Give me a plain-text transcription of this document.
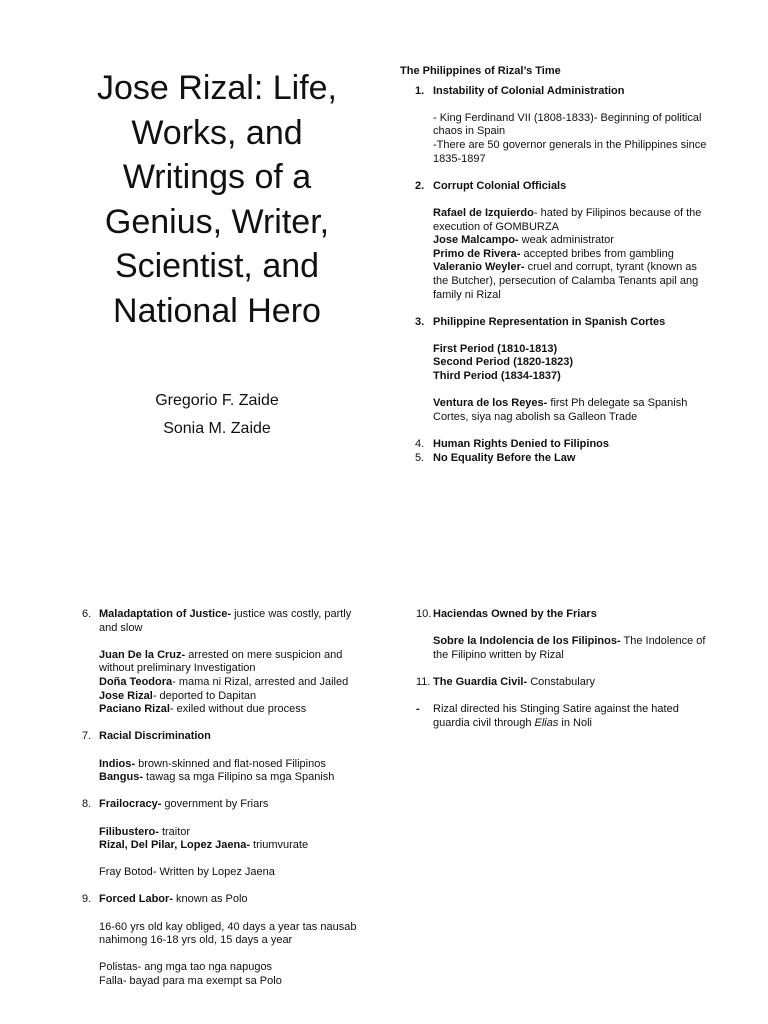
Jose Rizal: Life, Works, and Writings of a Genius, Writer, Scientist, and National Hero
Gregorio F. Zaide
Sonia M. Zaide
The Philippines of Rizal’s Time
1. Instability of Colonial Administration

- King Ferdinand VII (1808-1833)- Beginning of political chaos in Spain

-There are 50 governor generals in the Philippines since 1835-1897

2. Corrupt Colonial Officials

Rafael de Izquierdo- hated by Filipinos because of the execution of GOMBURZA

Jose Malcampo- weak administrator

Primo de Rivera- accepted bribes from gambling

Valeranio Weyler- cruel and corrupt, tyrant (known as the Butcher), persecution of Calamba Tenants apil ang family ni Rizal

3. Philippine Representation in Spanish Cortes

First Period (1810-1813)

Second Period (1820-1823)

Third Period (1834-1837)

Ventura de los Reyes- first Ph delegate sa Spanish Cortes, siya nag abolish sa Galleon Trade

4. Human Rights Denied to Filipinos
5. No Equality Before the Law
6. Maladaptation of Justice- justice was costly, partly and slow

Juan De la Cruz- arrested on mere suspicion and without preliminary Investigation

Doña Teodora- mama ni Rizal, arrested and Jailed

Jose Rizal- deported to Dapitan

Paciano Rizal- exiled without due process

7. Racial Discrimination

Indios- brown-skinned and flat-nosed Filipinos

Bangus- tawag sa mga Filipino sa mga Spanish

8. Frailocracy- government by Friars

Filibustero- traitor

Rizal, Del Pilar, Lopez Jaena- triumvurate

Fray Botod- Written by Lopez Jaena

9. Forced Labor- known as Polo

16-60 yrs old kay obliged, 40 days a year tas nausab nahimong 16-18 yrs old, 15 days a year

Polistas- ang mga tao nga napugos

Falla- bayad para ma exempt sa Polo

10. Haciendas Owned by the Friars

Sobre la Indolencia de los Filipinos- The Indolence of the Filipino written by Rizal

11. The Guardia Civil- Constabulary

- Rizal directed his Stinging Satire against the hated guardia civil through Elias in Noli
